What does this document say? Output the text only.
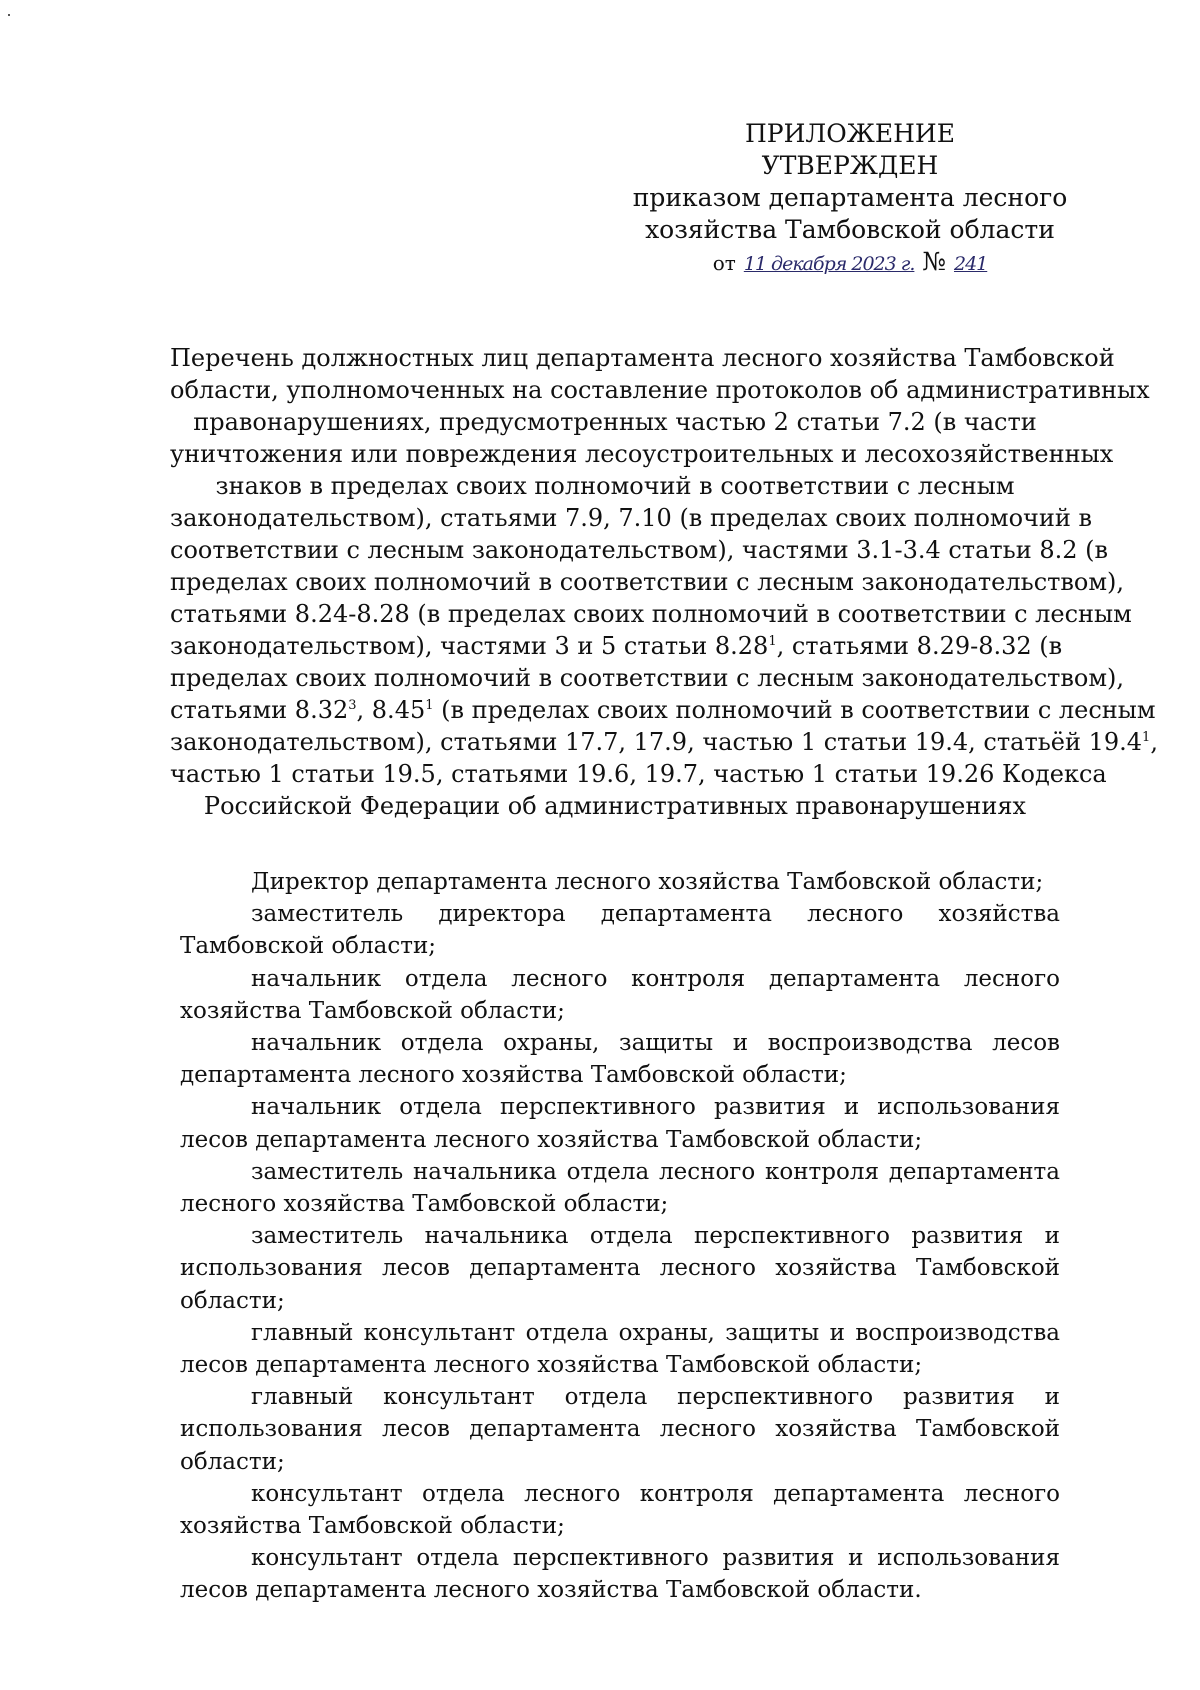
ПРИЛОЖЕНИЕ
УТВЕРЖДЕН
приказом департамента лесного
хозяйства Тамбовской области
от 11 декабря 2023 г. № 241
Перечень должностных лиц департамента лесного хозяйства Тамбовской
области, уполномоченных на составление протоколов об административных
правонарушениях, предусмотренных частью 2 статьи 7.2 (в части
уничтожения или повреждения лесоустроительных и лесохозяйственных
знаков в пределах своих полномочий в соответствии с лесным
законодательством), статьями 7.9, 7.10 (в пределах своих полномочий в
соответствии с лесным законодательством), частями 3.1-3.4 статьи 8.2 (в
пределах своих полномочий в соответствии с лесным законодательством),
статьями 8.24-8.28 (в пределах своих полномочий в соответствии с лесным
законодательством), частями 3 и 5 статьи 8.28$^1$, статьями 8.29-8.32 (в
пределах своих полномочий в соответствии с лесным законодательством),
статьями 8.32$^3$, 8.45$^1$ (в пределах своих полномочий в соответствии с лесным
законодательством), статьями 17.7, 17.9, частью 1 статьи 19.4, статьёй 19.4$^1$,
частью 1 статьи 19.5, статьями 19.6, 19.7, частью 1 статьи 19.26 Кодекса
Российской Федерации об административных правонарушениях

Директор департамента лесного хозяйства Тамбовской области;

заместитель директора департамента лесного хозяйства Тамбовской области;

начальник отдела лесного контроля департамента лесного хозяйства Тамбовской области;

начальник отдела охраны, защиты и воспроизводства лесов департамента лесного хозяйства Тамбовской области;

начальник отдела перспективного развития и использования лесов департамента лесного хозяйства Тамбовской области;

заместитель начальника отдела лесного контроля департамента лесного хозяйства Тамбовской области;

заместитель начальника отдела перспективного развития и использования лесов департамента лесного хозяйства Тамбовской области;

главный консультант отдела охраны, защиты и воспроизводства лесов департамента лесного хозяйства Тамбовской области;

главный консультант отдела перспективного развития и использования лесов департамента лесного хозяйства Тамбовской области;

консультант отдела лесного контроля департамента лесного хозяйства Тамбовской области;

консультант отдела перспективного развития и использования лесов департамента лесного хозяйства Тамбовской области.
